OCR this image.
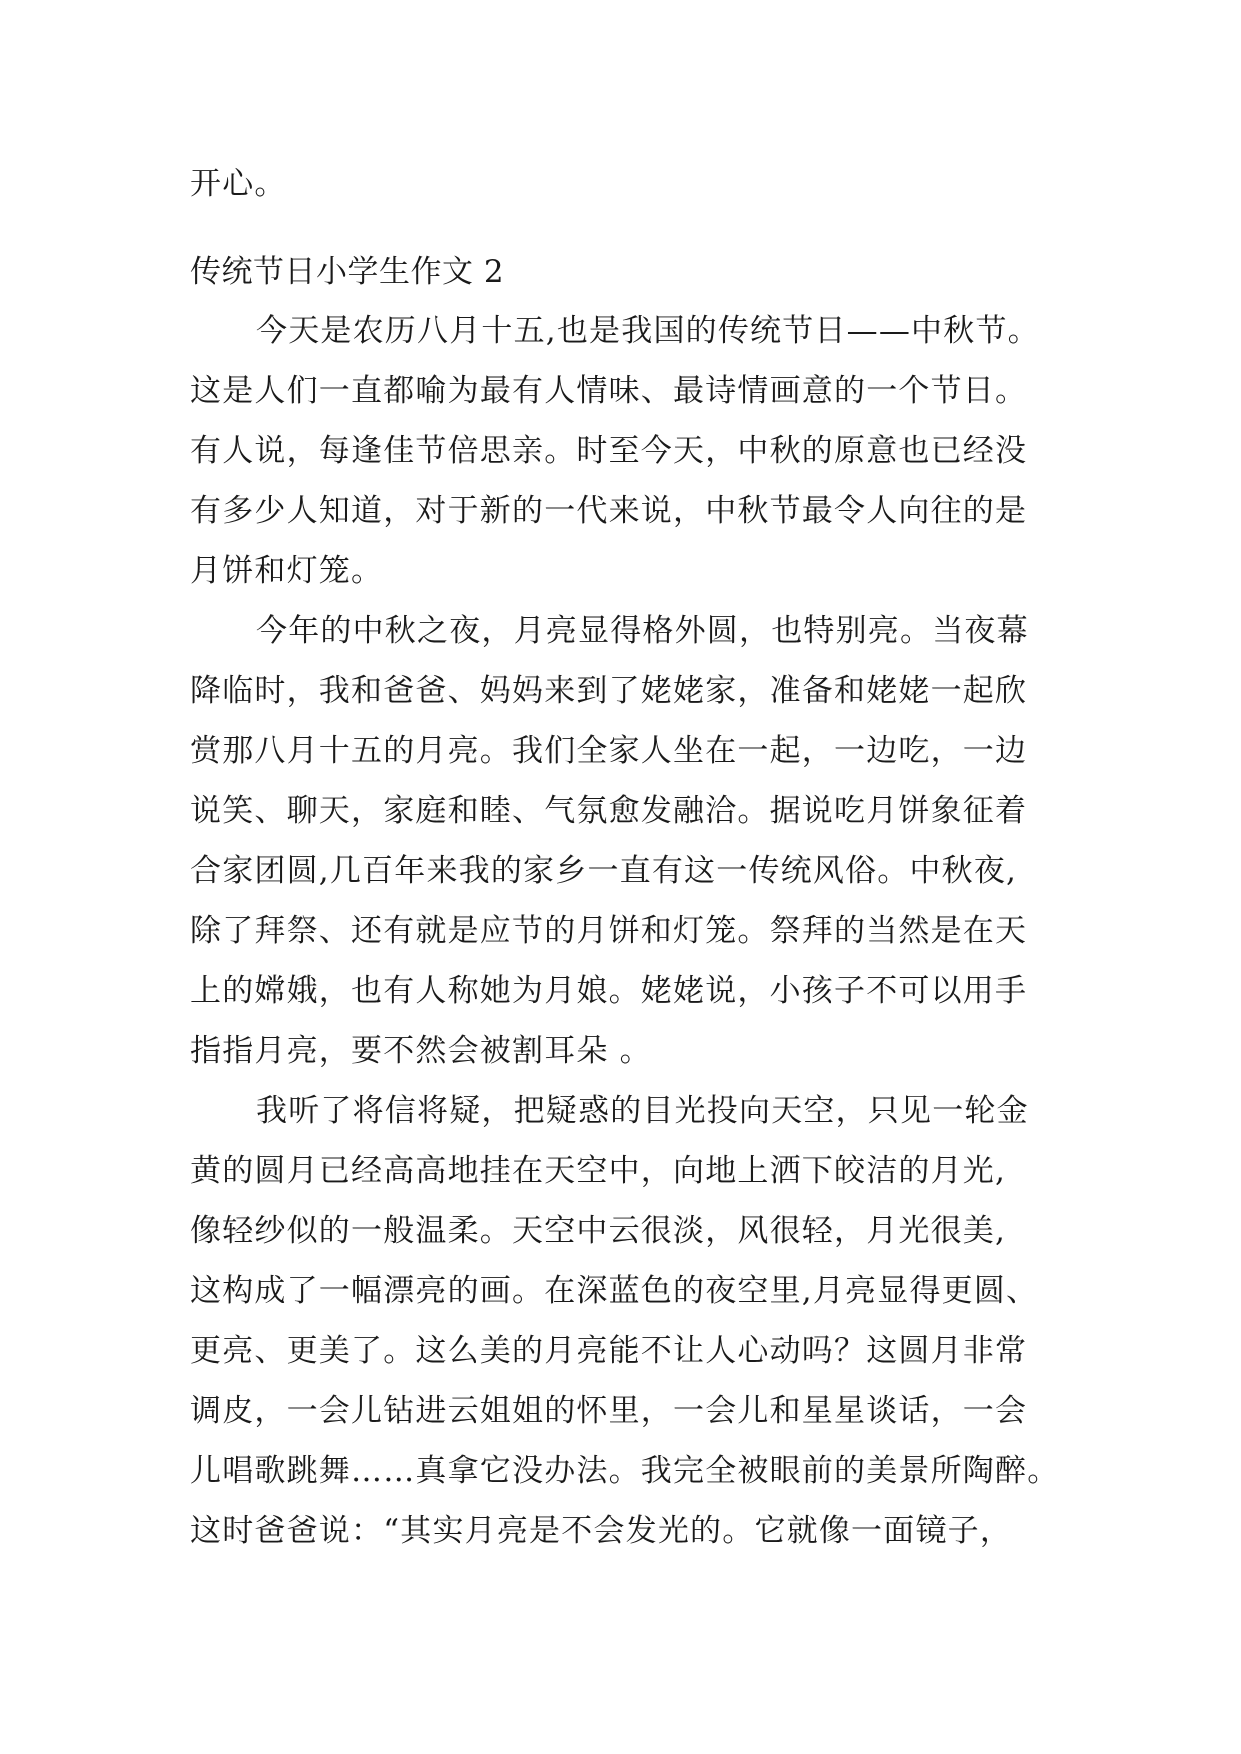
开心。
传统节日小学生作文 2
今天是农历八月十五,也是我国的传统节日——中秋节。
这是人们一直都喻为最有人情味、最诗情画意的一个节日。
有人说，每逢佳节倍思亲。时至今天，中秋的原意也已经没
有多少人知道，对于新的一代来说，中秋节最令人向往的是
月饼和灯笼。
今年的中秋之夜，月亮显得格外圆，也特别亮。当夜幕
降临时，我和爸爸、妈妈来到了姥姥家，准备和姥姥一起欣
赏那八月十五的月亮。我们全家人坐在一起，一边吃，一边
说笑、聊天，家庭和睦、气氛愈发融洽。据说吃月饼象征着
合家团圆,几百年来我的家乡一直有这一传统风俗。中秋夜,
除了拜祭、还有就是应节的月饼和灯笼。祭拜的当然是在天
上的嫦娥，也有人称她为月娘。姥姥说，小孩子不可以用手
指指月亮，要不然会被割耳朵 。
我听了将信将疑，把疑惑的目光投向天空，只见一轮金
黄的圆月已经高高地挂在天空中，向地上洒下皎洁的月光,
像轻纱似的一般温柔。天空中云很淡，风很轻，月光很美,
这构成了一幅漂亮的画。在深蓝色的夜空里,月亮显得更圆、
更亮、更美了。这么美的月亮能不让人心动吗？这圆月非常
调皮，一会儿钻进云姐姐的怀里，一会儿和星星谈话，一会
儿唱歌跳舞……真拿它没办法。我完全被眼前的美景所陶醉。
这时爸爸说：“其实月亮是不会发光的。它就像一面镜子，
